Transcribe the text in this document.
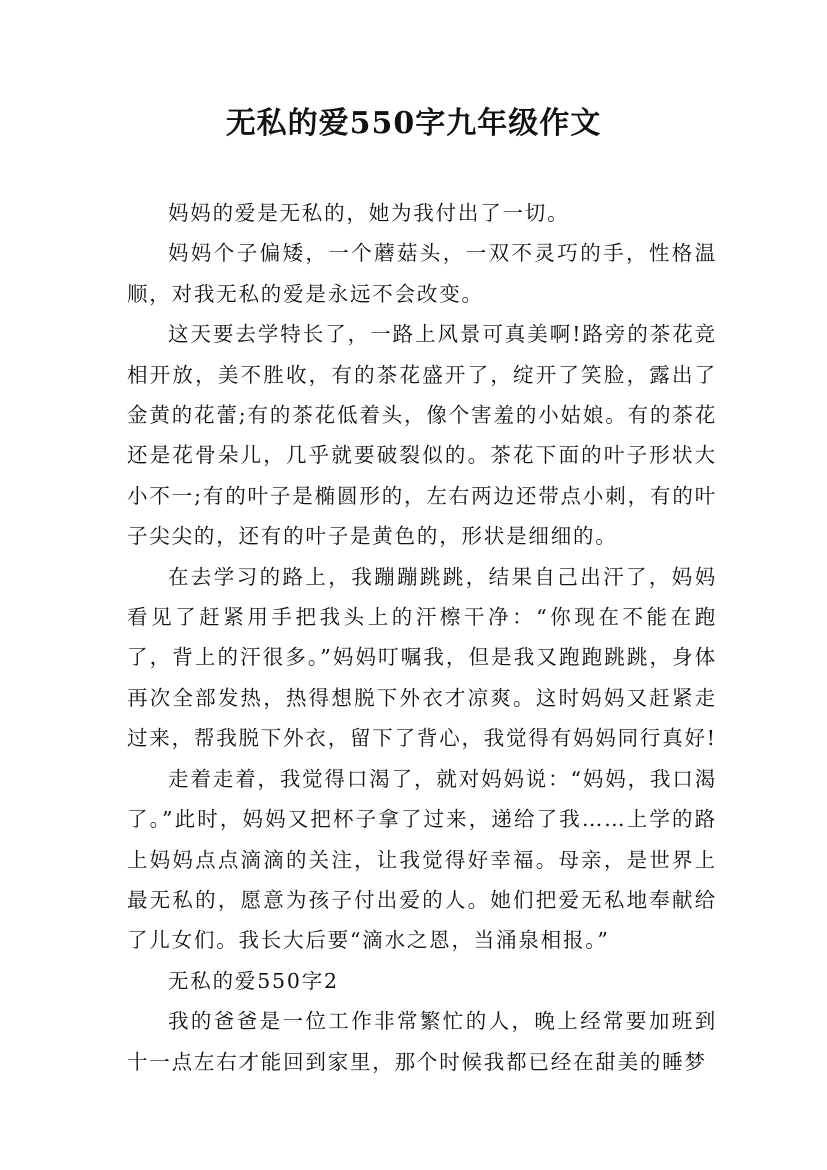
无私的爱550字九年级作文

妈妈的爱是无私的，她为我付出了一切。

妈妈个子偏矮，一个蘑菇头，一双不灵巧的手，性格温顺，对我无私的爱是永远不会改变。

这天要去学特长了，一路上风景可真美啊!路旁的茶花竞相开放，美不胜收，有的茶花盛开了，绽开了笑脸，露出了金黄的花蕾;有的茶花低着头，像个害羞的小姑娘。有的茶花还是花骨朵儿，几乎就要破裂似的。茶花下面的叶子形状大小不一;有的叶子是椭圆形的，左右两边还带点小刺，有的叶子尖尖的，还有的叶子是黄色的，形状是细细的。

在去学习的路上，我蹦蹦跳跳，结果自己出汗了，妈妈看见了赶紧用手把我头上的汗檫干净：“你现在不能在跑了，背上的汗很多。”妈妈叮嘱我，但是我又跑跑跳跳，身体再次全部发热，热得想脱下外衣才凉爽。这时妈妈又赶紧走过来，帮我脱下外衣，留下了背心，我觉得有妈妈同行真好!

走着走着，我觉得口渴了，就对妈妈说：“妈妈，我口渴了。”此时，妈妈又把杯子拿了过来，递给了我……上学的路上妈妈点点滴滴的关注，让我觉得好幸福。母亲，是世界上最无私的，愿意为孩子付出爱的人。她们把爱无私地奉献给了儿女们。我长大后要“滴水之恩，当涌泉相报。”

无私的爱550字2

我的爸爸是一位工作非常繁忙的人，晚上经常要加班到十一点左右才能回到家里，那个时候我都已经在甜美的睡梦
